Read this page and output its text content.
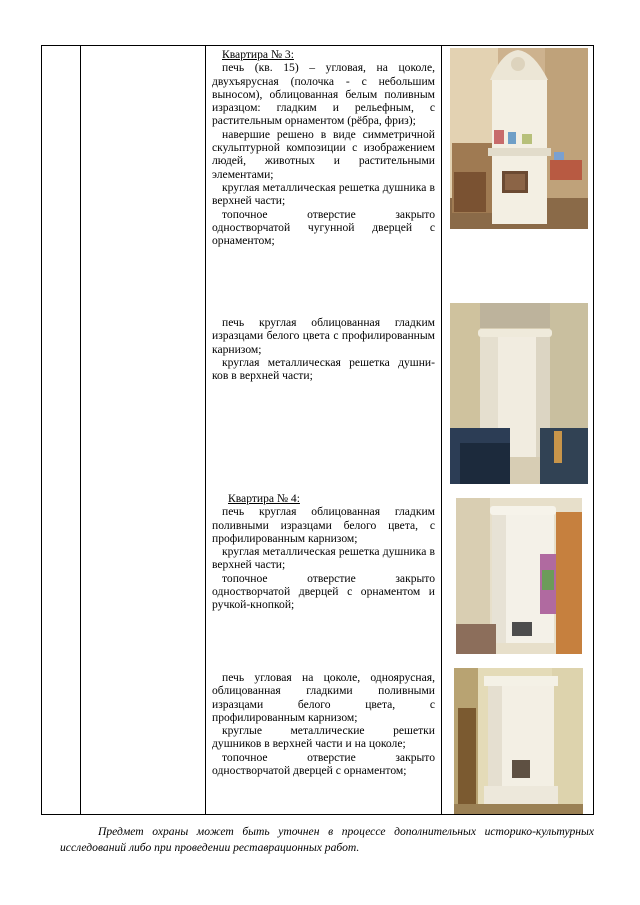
Квартира № 3:

печь (кв. 15) – угловая, на цоколе, двухъярусная (полочка - с небольшим выносом), облицованная белым поливным изразцом: гладким и рельефным, с растительным орнаментом (рёбра, фриз);

навершие решено в виде симметричной скульптурной композиции с изображением людей, животных и растительными элементами;

круглая металлическая решетка душника в верхней части;

топочное отверстие закрыто одностворчатой чугунной дверцей с орнаментом;

печь круглая облицованная гладким изразцами белого цвета с профилированным карнизом;

круглая металлическая решетка душни-ков в верхней части;

Квартира № 4:

печь круглая облицованная гладким поливными изразцами белого цвета, с профилированным карнизом;

круглая металлическая решетка душника в верхней части;

топочное отверстие закрыто одностворчатой дверцей с орнаментом и ручкой-кнопкой;

печь угловая на цоколе, одноярусная, облицованная гладкими поливными изразцами белого цвета, с профилированным карнизом;

круглые металлические решетки душников в верхней части и на цоколе;

топочное отверстие закрыто одностворчатой дверцей с орнаментом;

Предмет охраны может быть уточнен в процессе дополнительных историко-культурных исследований либо при проведении реставрационных работ.
